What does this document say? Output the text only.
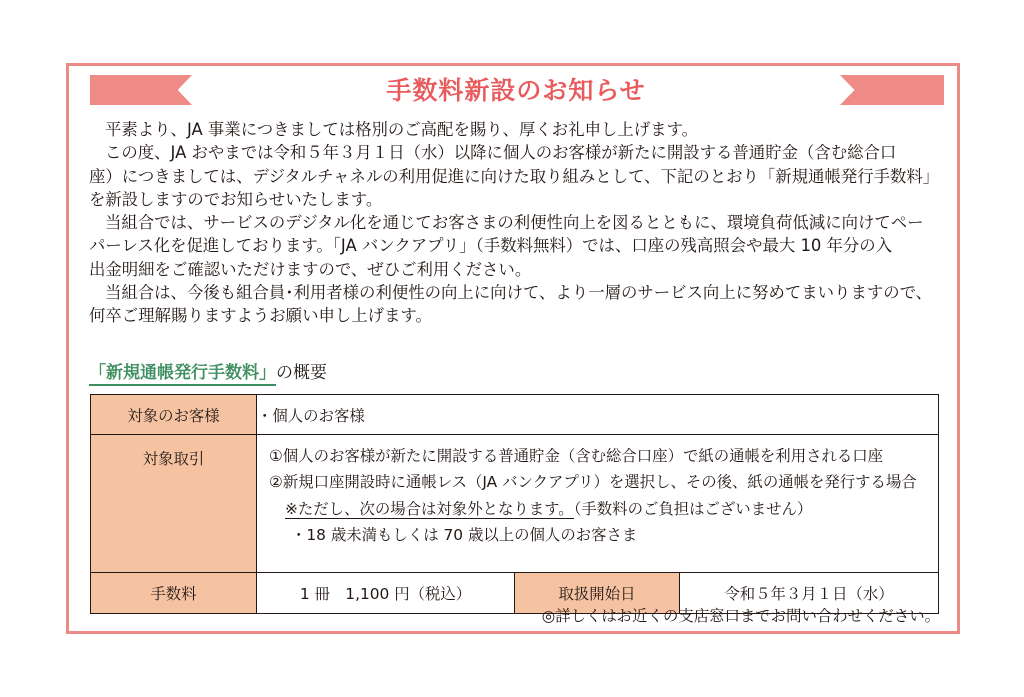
手数料新設のお知らせ

平素より、JA 事業につきましては格別のご高配を賜り、厚くお礼申し上げます。

この度、JA おやまでは令和５年３月１日（水）以降に個人のお客様が新たに開設する普通貯金（含む総合口

座）につきましては、デジタルチャネルの利用促進に向けた取り組みとして、下記のとおり「新規通帳発行手数料」

を新設しますのでお知らせいたします。

当組合では、サービスのデジタル化を通じてお客さまの利便性向上を図るとともに、環境負荷低減に向けてペー

パーレス化を促進しております。「JA バンクアプリ」（手数料無料）では、口座の残高照会や最大 10 年分の入

出金明細をご確認いただけますので、ぜひご利用ください。

当組合は、今後も組合員･利用者様の利便性の向上に向けて、より一層のサービス向上に努めてまいりますので、

何卒ご理解賜りますようお願い申し上げます。

「新規通帳発行手数料」の概要
対象のお客様	・個人のお客様		
対象取引	①個人のお客様が新たに開設する普通貯金（含む総合口座）で紙の通帳を利用される口座
②新規口座開設時に通帳レス（JA バンクアプリ）を選択し、その後、紙の通帳を発行する場合
※ただし、次の場合は対象外となります。（手数料のご負担はございません）
・18 歳未満もしくは 70 歳以上の個人のお客さま		

手数料	1 冊　1,100 円（税込）	取扱開始日	令和５年３月１日（水）
◎詳しくはお近くの支店窓口までお問い合わせください。
